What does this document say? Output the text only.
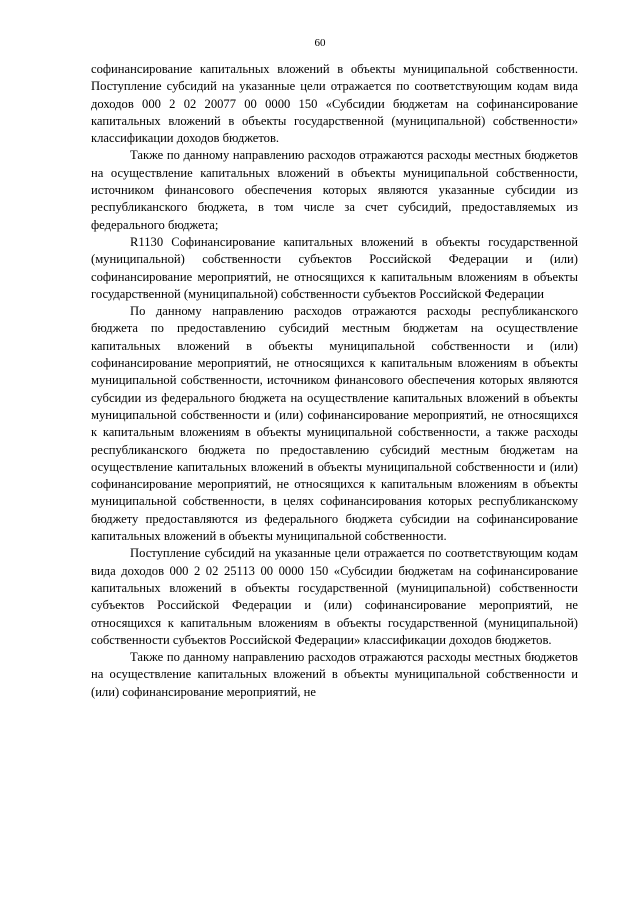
60

софинансирование капитальных вложений в объекты муниципальной собственности. Поступление субсидий на указанные цели отражается по соответствующим кодам вида доходов 000 2 02 20077 00 0000 150 «Субсидии бюджетам на софинансирование капитальных вложений в объекты государственной (муниципальной) собственности» классификации доходов бюджетов.

Также по данному направлению расходов отражаются расходы местных бюджетов на осуществление капитальных вложений в объекты муниципальной собственности, источником финансового обеспечения которых являются указанные субсидии из республиканского бюджета, в том числе за счет субсидий, предоставляемых из федерального бюджета;

R1130 Софинансирование капитальных вложений в объекты государственной (муниципальной) собственности субъектов Российской Федерации и (или) софинансирование мероприятий, не относящихся к капитальным вложениям в объекты государственной (муниципальной) собственности субъектов Российской Федерации

По данному направлению расходов отражаются расходы республиканского бюджета по предоставлению субсидий местным бюджетам на осуществление капитальных вложений в объекты муниципальной собственности и (или) софинансирование мероприятий, не относящихся к капитальным вложениям в объекты муниципальной собственности, источником финансового обеспечения которых являются субсидии из федерального бюджета на осуществление капитальных вложений в объекты муниципальной собственности и (или) софинансирование мероприятий, не относящихся к капитальным вложениям в объекты муниципальной собственности, а также расходы республиканского бюджета по предоставлению субсидий местным бюджетам на осуществление капитальных вложений в объекты муниципальной собственности и (или) софинансирование мероприятий, не относящихся к капитальным вложениям в объекты муниципальной собственности, в целях софинансирования которых республиканскому бюджету предоставляются из федерального бюджета субсидии на софинансирование капитальных вложений в объекты муниципальной собственности.

Поступление субсидий на указанные цели отражается по соответствующим кодам вида доходов 000 2 02 25113 00 0000 150 «Субсидии бюджетам на софинансирование капитальных вложений в объекты государственной (муниципальной) собственности субъектов Российской Федерации и (или) софинансирование мероприятий, не относящихся к капитальным вложениям в объекты государственной (муниципальной) собственности субъектов Российской Федерации» классификации доходов бюджетов.

Также по данному направлению расходов отражаются расходы местных бюджетов на осуществление капитальных вложений в объекты муниципальной собственности и (или) софинансирование мероприятий, не
